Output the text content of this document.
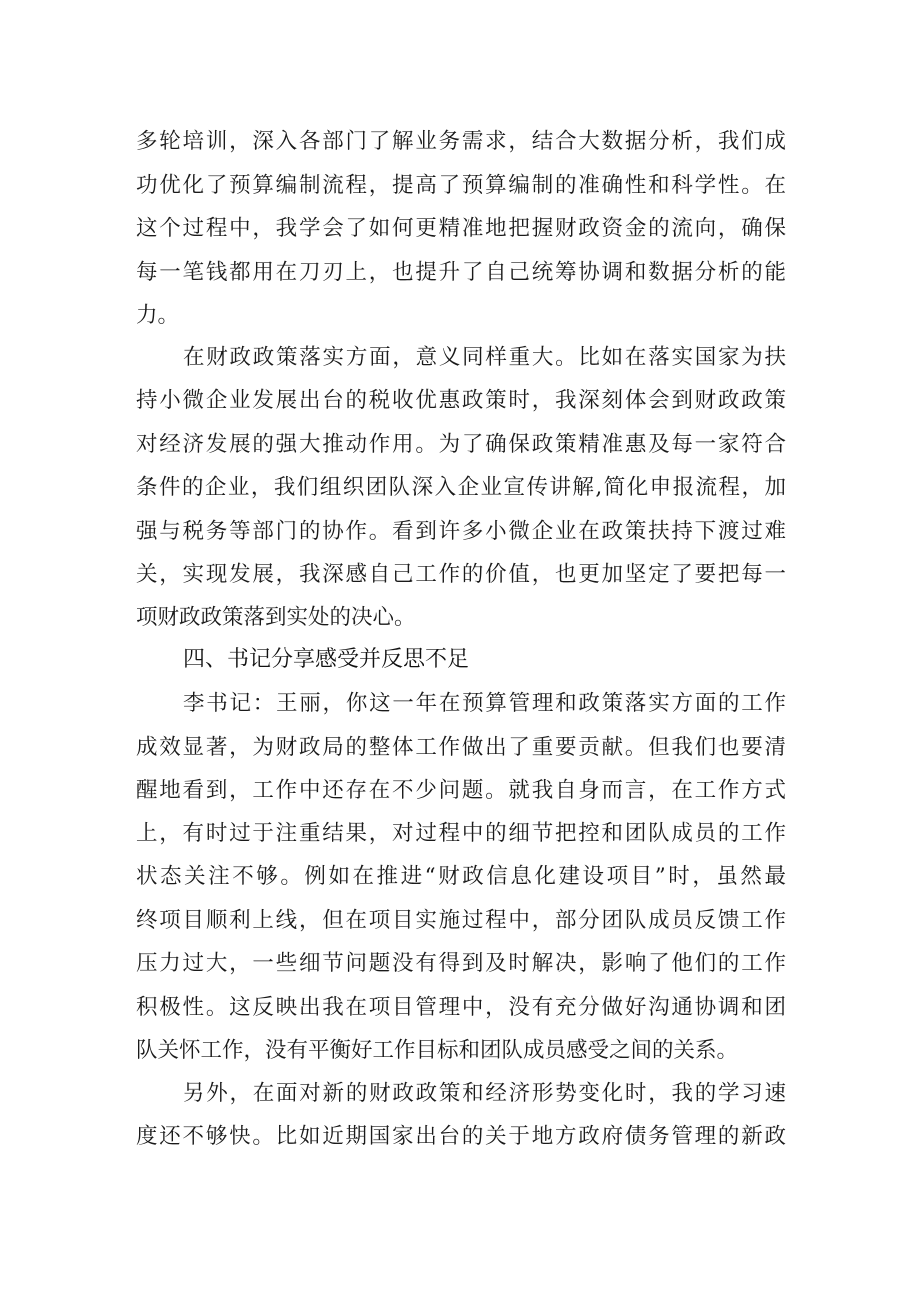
多轮培训，深入各部门了解业务需求，结合大数据分析，我们成
功优化了预算编制流程，提高了预算编制的准确性和科学性。在
这个过程中，我学会了如何更精准地把握财政资金的流向，确保
每一笔钱都用在刀刃上，也提升了自己统筹协调和数据分析的能
力。
在财政政策落实方面，意义同样重大。比如在落实国家为扶
持小微企业发展出台的税收优惠政策时，我深刻体会到财政政策
对经济发展的强大推动作用。为了确保政策精准惠及每一家符合
条件的企业，我们组织团队深入企业宣传讲解,简化申报流程，加
强与税务等部门的协作。看到许多小微企业在政策扶持下渡过难
关，实现发展，我深感自己工作的价值，也更加坚定了要把每一
项财政政策落到实处的决心。
四、书记分享感受并反思不足
李书记：王丽，你这一年在预算管理和政策落实方面的工作
成效显著，为财政局的整体工作做出了重要贡献。但我们也要清
醒地看到，工作中还存在不少问题。就我自身而言，在工作方式
上，有时过于注重结果，对过程中的细节把控和团队成员的工作
状态关注不够。例如在推进“财政信息化建设项目”时，虽然最
终项目顺利上线，但在项目实施过程中，部分团队成员反馈工作
压力过大，一些细节问题没有得到及时解决，影响了他们的工作
积极性。这反映出我在项目管理中，没有充分做好沟通协调和团
队关怀工作，没有平衡好工作目标和团队成员感受之间的关系。
另外，在面对新的财政政策和经济形势变化时，我的学习速
度还不够快。比如近期国家出台的关于地方政府债务管理的新政
